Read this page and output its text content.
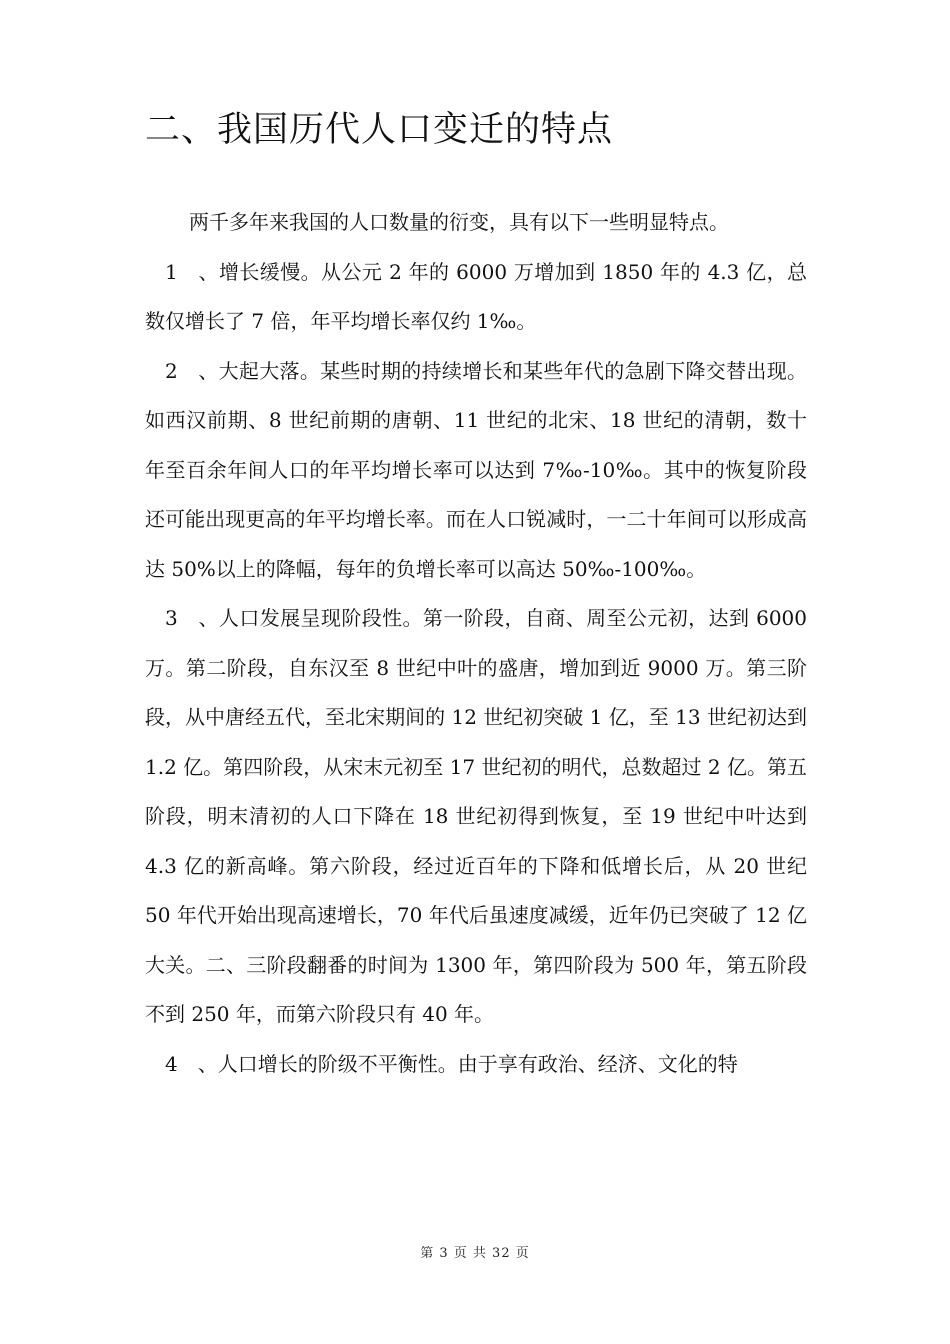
二、我国历代人口变迁的特点

两千多年来我国的人口数量的衍变，具有以下一些明显特点。

1　、增长缓慢。从公元 2 年的 6000 万增加到 1850 年的 4.3 亿，总数仅增长了 7 倍，年平均增长率仅约 1‰。

2　、大起大落。某些时期的持续增长和某些年代的急剧下降交替出现。如西汉前期、8 世纪前期的唐朝、11 世纪的北宋、18 世纪的清朝，数十年至百余年间人口的年平均增长率可以达到 7‰-10‰。其中的恢复阶段还可能出现更高的年平均增长率。而在人口锐减时，一二十年间可以形成高达 50%以上的降幅，每年的负增长率可以高达 50‰-100‰。

3　、人口发展呈现阶段性。第一阶段，自商、周至公元初，达到 6000 万。第二阶段，自东汉至 8 世纪中叶的盛唐，增加到近 9000 万。第三阶段，从中唐经五代，至北宋期间的 12 世纪初突破 1 亿，至 13 世纪初达到 1.2 亿。第四阶段，从宋末元初至 17 世纪初的明代，总数超过 2 亿。第五阶段，明末清初的人口下降在 18 世纪初得到恢复，至 19 世纪中叶达到 4.3 亿的新高峰。第六阶段，经过近百年的下降和低增长后，从 20 世纪 50 年代开始出现高速增长，70 年代后虽速度减缓，近年仍已突破了 12 亿大关。二、三阶段翻番的时间为 1300 年，第四阶段为 500 年，第五阶段不到 250 年，而第六阶段只有 40 年。

4　、人口增长的阶级不平衡性。由于享有政治、经济、文化的特

第 3 页 共 32 页
